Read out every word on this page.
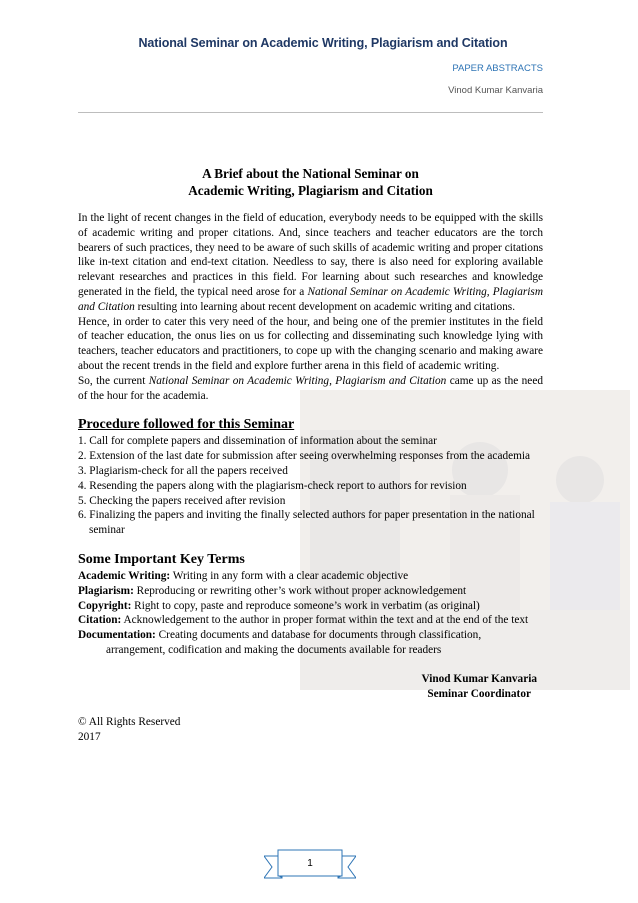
National Seminar on Academic Writing, Plagiarism and Citation
PAPER ABSTRACTS
Vinod Kumar Kanvaria
A Brief about the National Seminar on
Academic Writing, Plagiarism and Citation

In the light of recent changes in the field of education, everybody needs to be equipped with the skills of academic writing and proper citations. And, since teachers and teacher educators are the torch bearers of such practices, they need to be aware of such skills of academic writing and proper citations like in-text citation and end-text citation. Needless to say, there is also need for exploring available relevant researches and practices in this field. For learning about such researches and knowledge generated in the field, the typical need arose for a National Seminar on Academic Writing, Plagiarism and Citation resulting into learning about recent development on academic writing and citations.

Hence, in order to cater this very need of the hour, and being one of the premier institutes in the field of teacher education, the onus lies on us for collecting and disseminating such knowledge lying with teachers, teacher educators and practitioners, to cope up with the changing scenario and making aware about the recent trends in the field and explore further arena in this field of academic writing.

So, the current National Seminar on Academic Writing, Plagiarism and Citation came up as the need of the hour for the academia.

Procedure followed for this Seminar
1. Call for complete papers and dissemination of information about the seminar
2. Extension of the last date for submission after seeing overwhelming responses from the academia
3. Plagiarism-check for all the papers received
4. Resending the papers along with the plagiarism-check report to authors for revision
5. Checking the papers received after revision
6. Finalizing the papers and inviting the finally selected authors for paper presentation in the national seminar
Some Important Key Terms
Academic Writing: Writing in any form with a clear academic objective
Plagiarism: Reproducing or rewriting other’s work without proper acknowledgement
Copyright: Right to copy, paste and reproduce someone’s work in verbatim (as original)
Citation: Acknowledgement to the author in proper format within the text and at the end of the text
Documentation: Creating documents and database for documents through classification, arrangement, codification and making the documents available for readers
Vinod Kumar Kanvaria
Seminar Coordinator
© All Rights Reserved
2017
1
